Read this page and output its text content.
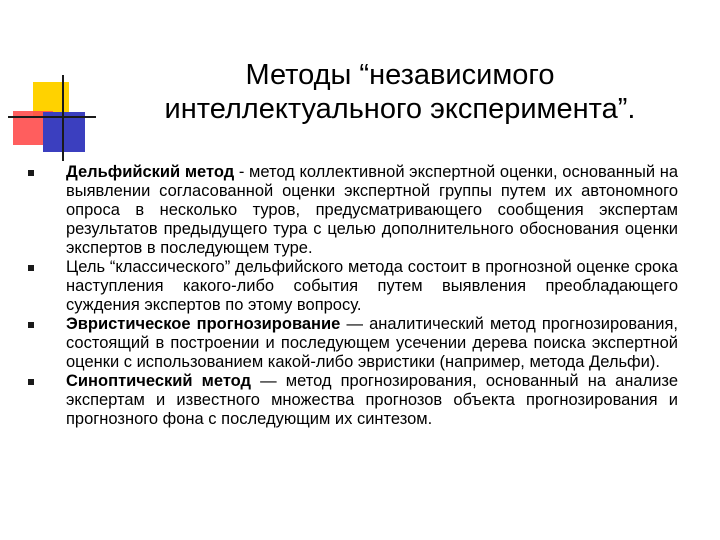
Методы “независимого
интеллектуального эксперимента”.
Дельфийский метод - метод коллективной экспертной оценки, основанный на выявлении согласованной оценки экспертной группы путем их автономного опроса в несколько туров, предусматривающего сообщения экспертам результатов предыдущего тура с целью дополнительного обоснования оценки экспертов в последующем туре.
Цель “классического” дельфийского метода состоит в прогнозной оценке срока наступления какого-либо события путем выявления преобладающего суждения экспертов по этому вопросу.
Эвристическое прогнозирование — аналитический метод прогнозирования, состоящий в построении и последующем усечении дерева поиска экспертной оценки с использованием какой-либо эвристики (например, метода Дельфи).
Синоптический метод — метод прогнозирования, основанный на анализе экспертам и известного множества прогнозов объекта прогнозирования и прогнозного фона с последующим их синтезом.
